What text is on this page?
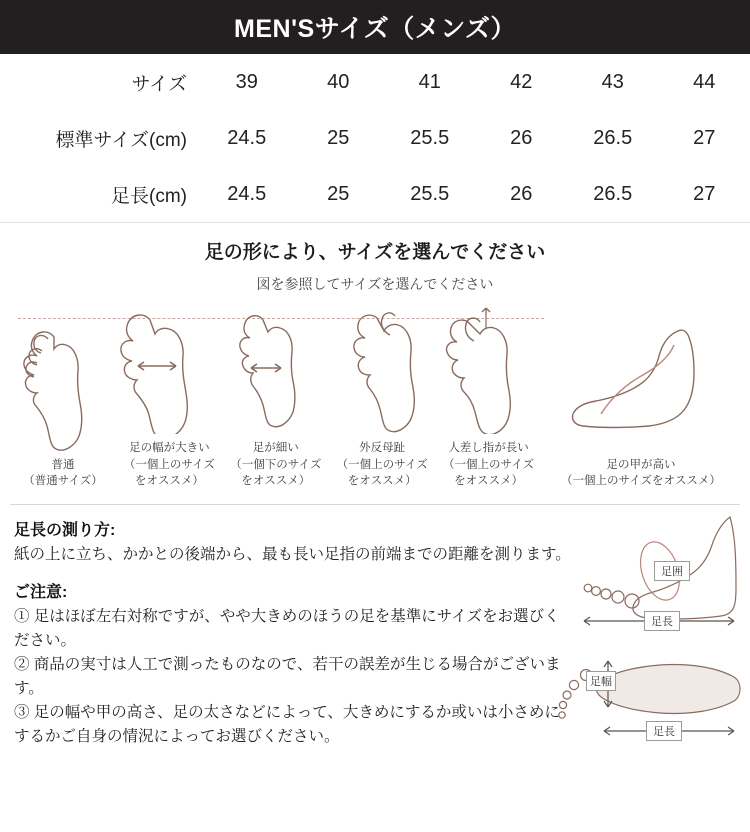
MEN'Sサイズ（メンズ）
サイズ	39	40	41	42	43	44
標準サイズ(cm)	24.5	25	25.5	26	26.5	27
足長(cm)	24.5	25	25.5	26	26.5	27
足の形により、サイズを選んでください
図を参照してサイズを選んでください
普通
（普通サイズ）
足の幅が大きい
（一個上のサイズをオススメ）
足が細い
（一個下のサイズをオススメ）
外反母趾
（一個上のサイズをオススメ）
人差し指が長い
（一個上のサイズをオススメ）
足の甲が高い
（一個上のサイズをオススメ）
足長の測り方:
紙の上に立ち、かかとの後端から、最も長い足指の前端までの距離を測ります。
ご注意:
① 足はほぼ左右対称ですが、やや大きめのほうの足を基準にサイズをお選びください。
② 商品の実寸は人工で測ったものなので、若干の誤差が生じる場合がございます。
③ 足の幅や甲の高さ、足の太さなどによって、大きめにするか或いは小さめにするかご自身の情況によってお選びください。
足囲
足長
足幅
足長
